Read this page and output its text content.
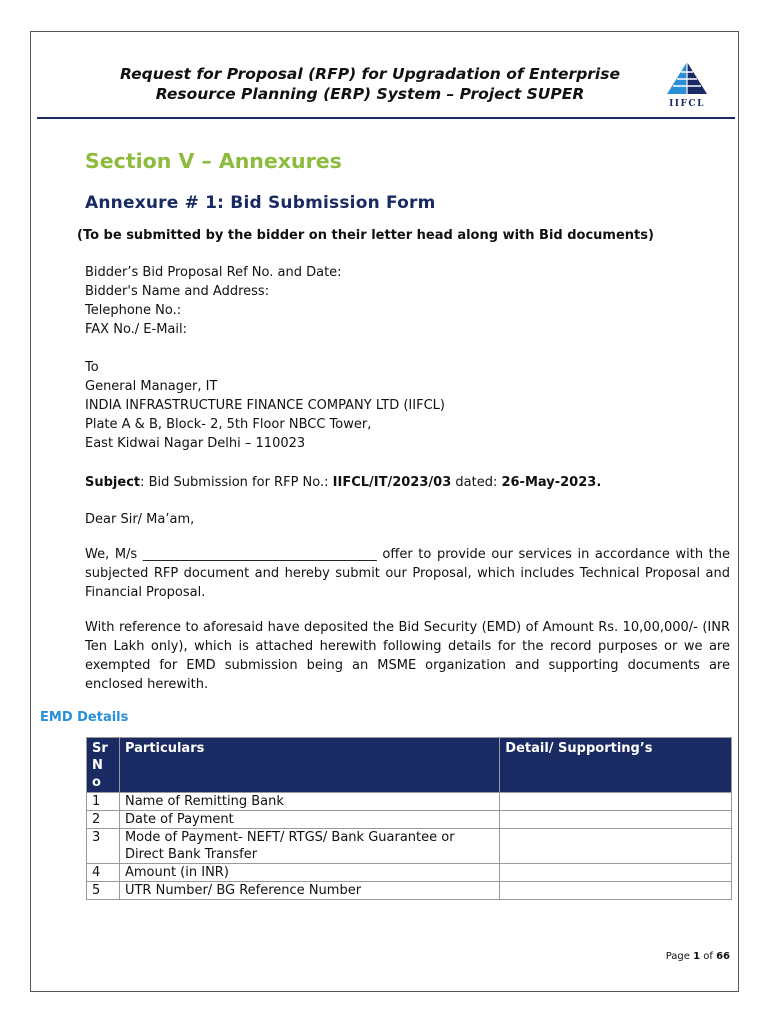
Request for Proposal (RFP) for Upgradation of Enterprise
Resource Planning (ERP) System – Project SUPER
IIFCL
Section V – Annexures
Annexure # 1: Bid Submission Form
(To be submitted by the bidder on their letter head along with Bid documents)
Bidder’s Bid Proposal Ref No. and Date:
Bidder's Name and Address:
Telephone No.:
FAX No./ E-Mail:
To
General Manager, IT
INDIA INFRASTRUCTURE FINANCE COMPANY LTD (IIFCL)
Plate A & B, Block- 2, 5th Floor NBCC Tower,
East Kidwai Nagar Delhi – 110023
Subject: Bid Submission for RFP No.: IIFCL/IT/2023/03 dated: 26-May-2023.
Dear Sir/ Ma’am,
We, M/s ____________________________________ offer to provide our services in accordance with the subjected RFP document and hereby submit our Proposal, which includes Technical Proposal and Financial Proposal.
With reference to aforesaid have deposited the Bid Security (EMD) of Amount Rs. 10,00,000/- (INR Ten Lakh only), which is attached herewith following details for the record purposes or we are exempted for EMD submission being an MSME organization and supporting documents are enclosed herewith.
EMD Details
Sr N o	Particulars	Detail/ Supporting’s
1	Name of Remitting Bank	
2	Date of Payment	
3	Mode of Payment- NEFT/ RTGS/ Bank Guarantee or Direct Bank Transfer	
4	Amount (in INR)	
5	UTR Number/ BG Reference Number	
Page 1 of 66
